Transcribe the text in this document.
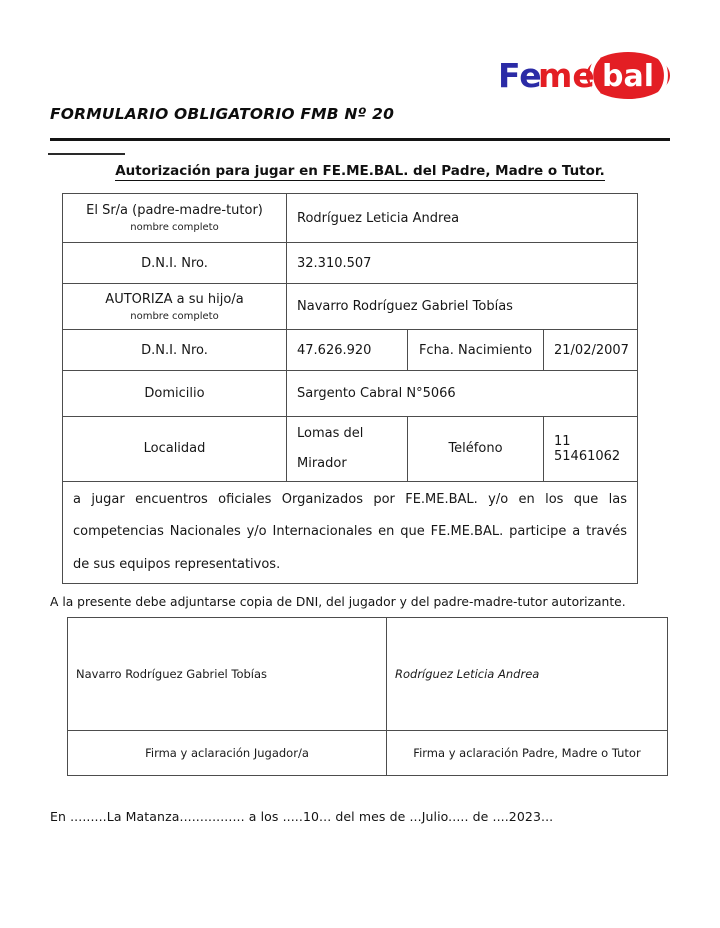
Fe
me bal
FORMULARIO OBLIGATORIO FMB Nº 20
Autorización para jugar en FE.ME.BAL. del Padre, Madre o Tutor.
El Sr/a (padre-madre-tutor)
nombre completo	Rodríguez Leticia Andrea		
D.N.I. Nro.	32.310.507		
AUTORIZA a su hijo/a
nombre completo	Navarro Rodríguez Gabriel Tobías		
D.N.I. Nro.	47.626.920	Fcha. Nacimiento	21/02/2007
Domicilio	Sargento Cabral N°5066		
Localidad	Lomas del Mirador	Teléfono	11 51461062
a jugar encuentros oficiales Organizados por FE.ME.BAL. y/o en los que las competencias Nacionales y/o Internacionales en que FE.ME.BAL. participe a través de sus equipos representativos.			

A la presente debe adjuntarse copia de DNI, del jugador y del padre-madre-tutor autorizante.

Navarro Rodríguez Gabriel Tobías	Rodríguez Leticia Andrea
Firma y aclaración Jugador/a	Firma y aclaración Padre, Madre o Tutor

En .........La Matanza................ a los .....10... del mes de ...Julio..... de ....2023...
